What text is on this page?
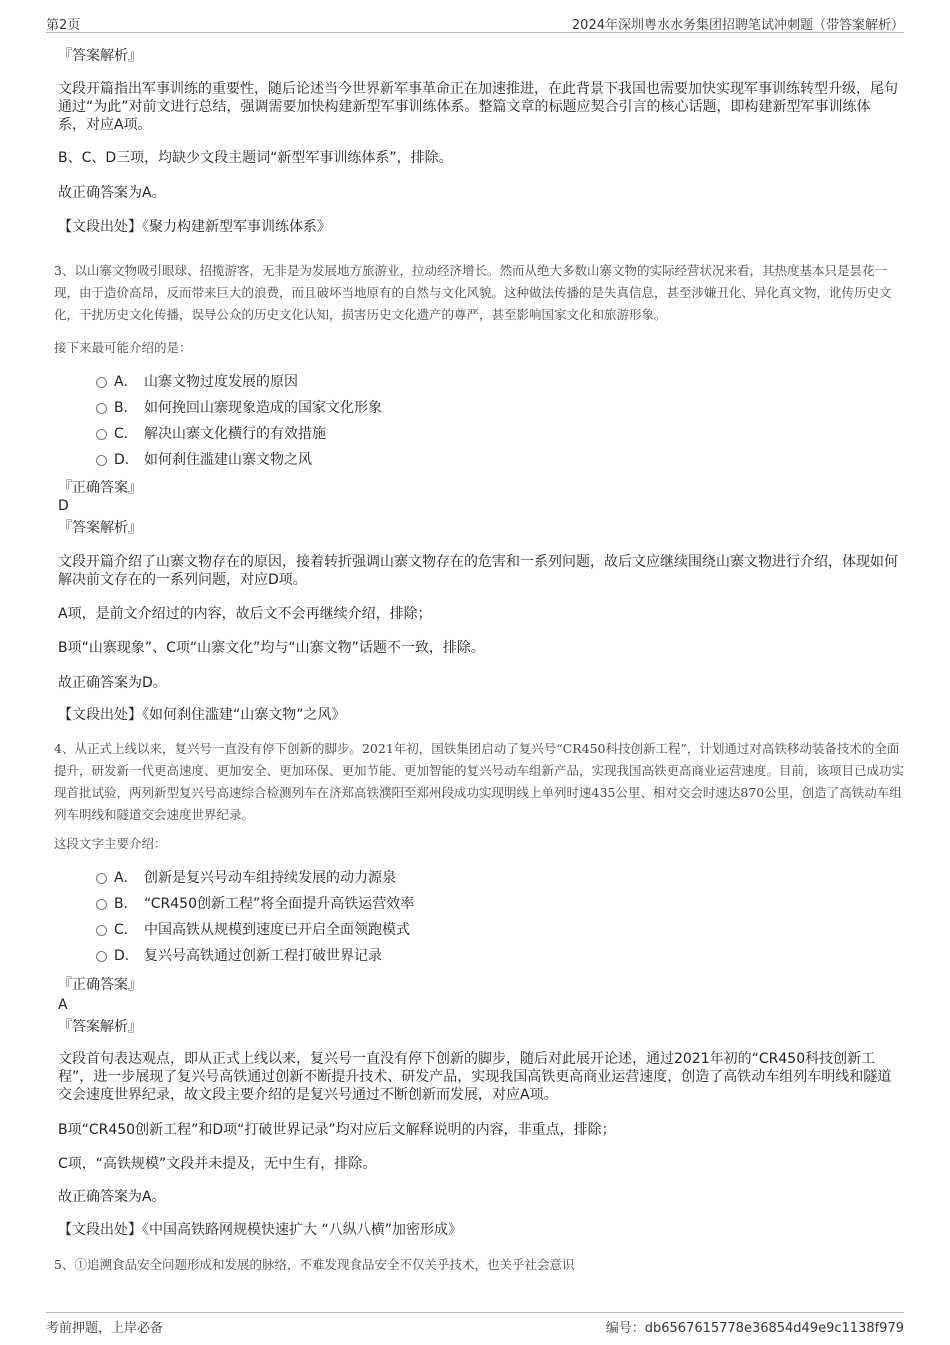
第2页	2024年深圳粤水水务集团招聘笔试冲刺题（带答案解析）
『答案解析』
文段开篇指出军事训练的重要性，随后论述当今世界新军事革命正在加速推进，在此背景下我国也需要加快实现军事训练转型升级，尾句通过“为此”对前文进行总结，强调需要加快构建新型军事训练体系。整篇文章的标题应契合引言的核心话题，即构建新型军事训练体系，对应A项。
B、C、D三项，均缺少文段主题词“新型军事训练体系”，排除。
故正确答案为A。
【文段出处】《聚力构建新型军事训练体系》
3、以山寨文物吸引眼球、招揽游客，无非是为发展地方旅游业，拉动经济增长。然而从绝大多数山寨文物的实际经营状况来看，其热度基本只是昙花一现，由于造价高昂，反而带来巨大的浪费，而且破坏当地原有的自然与文化风貌。这种做法传播的是失真信息，甚至涉嫌丑化、异化真文物，讹传历史文化，干扰历史文化传播，误导公众的历史文化认知，损害历史文化遗产的尊严，甚至影响国家文化和旅游形象。
接下来最可能介绍的是：
A． 山寨文物过度发展的原因
B． 如何挽回山寨现象造成的国家文化形象
C． 解决山寨文化横行的有效措施
D． 如何刹住滥建山寨文物之风
『正确答案』
D
『答案解析』
文段开篇介绍了山寨文物存在的原因，接着转折强调山寨文物存在的危害和一系列问题，故后文应继续围绕山寨文物进行介绍，体现如何解决前文存在的一系列问题，对应D项。
A项，是前文介绍过的内容，故后文不会再继续介绍，排除；
B项“山寨现象”、C项“山寨文化”均与“山寨文物”话题不一致，排除。
故正确答案为D。
【文段出处】《如何刹住滥建“山寨文物”之风》
4、从正式上线以来，复兴号一直没有停下创新的脚步。2021年初，国铁集团启动了复兴号“CR450科技创新工程”，计划通过对高铁移动装备技术的全面提升，研发新一代更高速度、更加安全、更加环保、更加节能、更加智能的复兴号动车组新产品，实现我国高铁更高商业运营速度。目前，该项目已成功实现首批试验，两列新型复兴号高速综合检测列车在济郑高铁濮阳至郑州段成功实现明线上单列时速435公里、相对交会时速达870公里，创造了高铁动车组列车明线和隧道交会速度世界纪录。
这段文字主要介绍：
A． 创新是复兴号动车组持续发展的动力源泉
B． “CR450创新工程”将全面提升高铁运营效率
C． 中国高铁从规模到速度已开启全面领跑模式
D． 复兴号高铁通过创新工程打破世界记录
『正确答案』
A
『答案解析』
文段首句表达观点，即从正式上线以来，复兴号一直没有停下创新的脚步，随后对此展开论述，通过2021年初的“CR450科技创新工程”，进一步展现了复兴号高铁通过创新不断提升技术、研发产品，实现我国高铁更高商业运营速度，创造了高铁动车组列车明线和隧道交会速度世界纪录，故文段主要介绍的是复兴号通过不断创新而发展，对应A项。
B项“CR450创新工程”和D项“打破世界记录”均对应后文解释说明的内容，非重点，排除；
C项，“高铁规模”文段并未提及，无中生有，排除。
故正确答案为A。
【文段出处】《中国高铁路网规模快速扩大 “八纵八横”加密形成》
5、①追溯食品安全问题形成和发展的脉络，不难发现食品安全不仅关乎技术，也关乎社会意识
考前押题，上岸必备	编号：db6567615778e36854d49e9c1138f979
